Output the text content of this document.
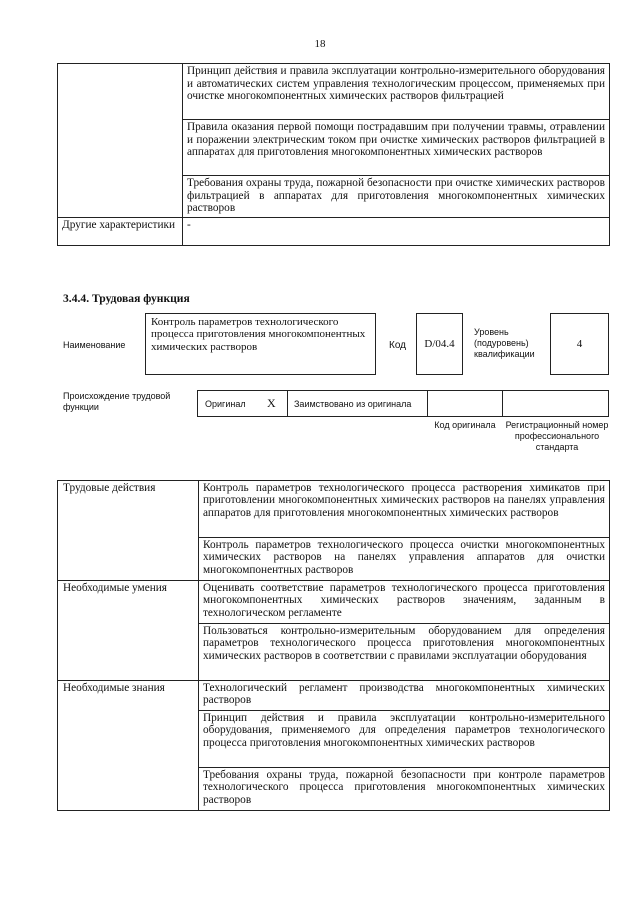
18
	Принцип действия и правила эксплуатации контрольно-измерительного оборудования и автоматических систем управления технологическим процессом, применяемых при очистке многокомпонентных химических растворов фильтрацией
	Правила оказания первой помощи пострадавшим при получении травмы, отравлении и поражении электрическим током при очистке химических растворов фильтрацией в аппаратах для приготовления многокомпонентных химических растворов
	Требования охраны труда, пожарной безопасности при очистке химических растворов фильтрацией в аппаратах для приготовления многокомпонентных химических растворов
Другие характеристики	-
3.4.4. Трудовая функция
Наименование
Контроль параметров технологического процесса приготовления многокомпонентных химических растворов	Код	D/04.4
Уровень (подуровень) квалификации
4
Происхождение трудовой функции	Оригинал X Заимствовано из оригинала
Код оригинала	Регистрационный номер профессионального стандарта
Трудовые действия	Контроль параметров технологического процесса растворения химикатов при приготовлении многокомпонентных химических растворов на панелях управления аппаратов для приготовления многокомпонентных химических растворов
	Контроль параметров технологического процесса очистки многокомпонентных химических растворов на панелях управления аппаратов для очистки многокомпонентных растворов
Необходимые умения	Оценивать соответствие параметров технологического процесса приготовления многокомпонентных химических растворов значениям, заданным в технологическом регламенте
	Пользоваться контрольно-измерительным оборудованием для определения параметров технологического процесса приготовления многокомпонентных химических растворов в соответствии с правилами эксплуатации оборудования
Необходимые знания	Технологический регламент производства многокомпонентных химических растворов
	Принцип действия и правила эксплуатации контрольно-измерительного оборудования, применяемого для определения параметров технологического процесса приготовления многокомпонентных химических растворов
	Требования охраны труда, пожарной безопасности при контроле параметров технологического процесса приготовления многокомпонентных химических растворов
